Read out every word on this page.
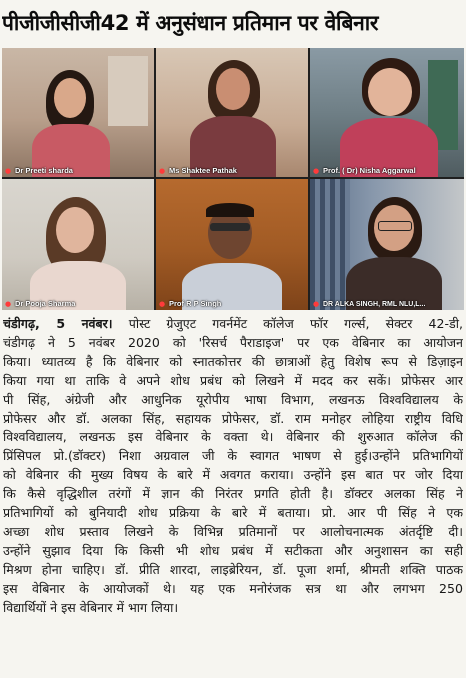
पीजीजीसीजी42 में अनुसंधान प्रतिमान पर वेबिनार
● Dr Preeti sharda	● Ms Shaktee Pathak	● Prof. ( Dr) Nisha Aggarwal
● Dr Pooja Sharma	● Prof R P Singh	● DR ALKA SINGH, RML NLU,L...
चंडीगढ़, 5 नवंबर। पोस्ट ग्रेजुएट गवर्नमेंट कॉलेज फॉर गर्ल्स, सेक्टर 42-डी,
चंडीगढ़ ने 5 नवंबर 2020 को 'रिसर्च पैराडाइज' पर एक वेबिनार का आयोजन
किया। ध्यातव्य है कि वेबिनार को स्नातकोत्तर की छात्राओं हेतु विशेष रूप से डिज़ाइन
किया गया था ताकि वे अपने शोध प्रबंध को लिखने में मदद कर सकें। प्रोफेसर आर
पी सिंह, अंग्रेजी और आधुनिक यूरोपीय भाषा विभाग, लखनऊ विश्वविद्यालय के
प्रोफेसर और डॉ. अलका सिंह, सहायक प्रोफेसर, डॉ. राम मनोहर लोहिया राष्ट्रीय विधि
विश्वविद्यालय, लखनऊ इस वेबिनार के वक्ता थे। वेबिनार की शुरुआत कॉलेज की
प्रिंसिपल प्रो.(डॉक्टर) निशा अग्रवाल जी के स्वागत भाषण से हुई।उन्होंने प्रतिभागियों
को वेबिनार की मुख्य विषय के बारे में अवगत कराया। उन्होंने इस बात पर जोर दिया
कि कैसे वृद्धिशील तरंगों में ज्ञान की निरंतर प्रगति होती है। डॉक्टर अलका सिंह ने
प्रतिभागियों को बुनियादी शोध प्रक्रिया के बारे में बताया। प्रो. आर पी सिंह ने एक
अच्छा शोध प्रस्ताव लिखने के विभिन्न प्रतिमानों पर आलोचनात्मक अंतर्दृष्टि दी।
उन्होंने सुझाव दिया कि किसी भी शोध प्रबंध में सटीकता और अनुशासन का सही
मिश्रण होना चाहिए। डॉ. प्रीति शारदा, लाइब्रेरियन, डॉ. पूजा शर्मा, श्रीमती शक्ति पाठक
इस वेबिनार के आयोजकों थे। यह एक मनोरंजक सत्र था और लगभग 250
विद्यार्थियों ने इस वेबिनार में भाग लिया।
